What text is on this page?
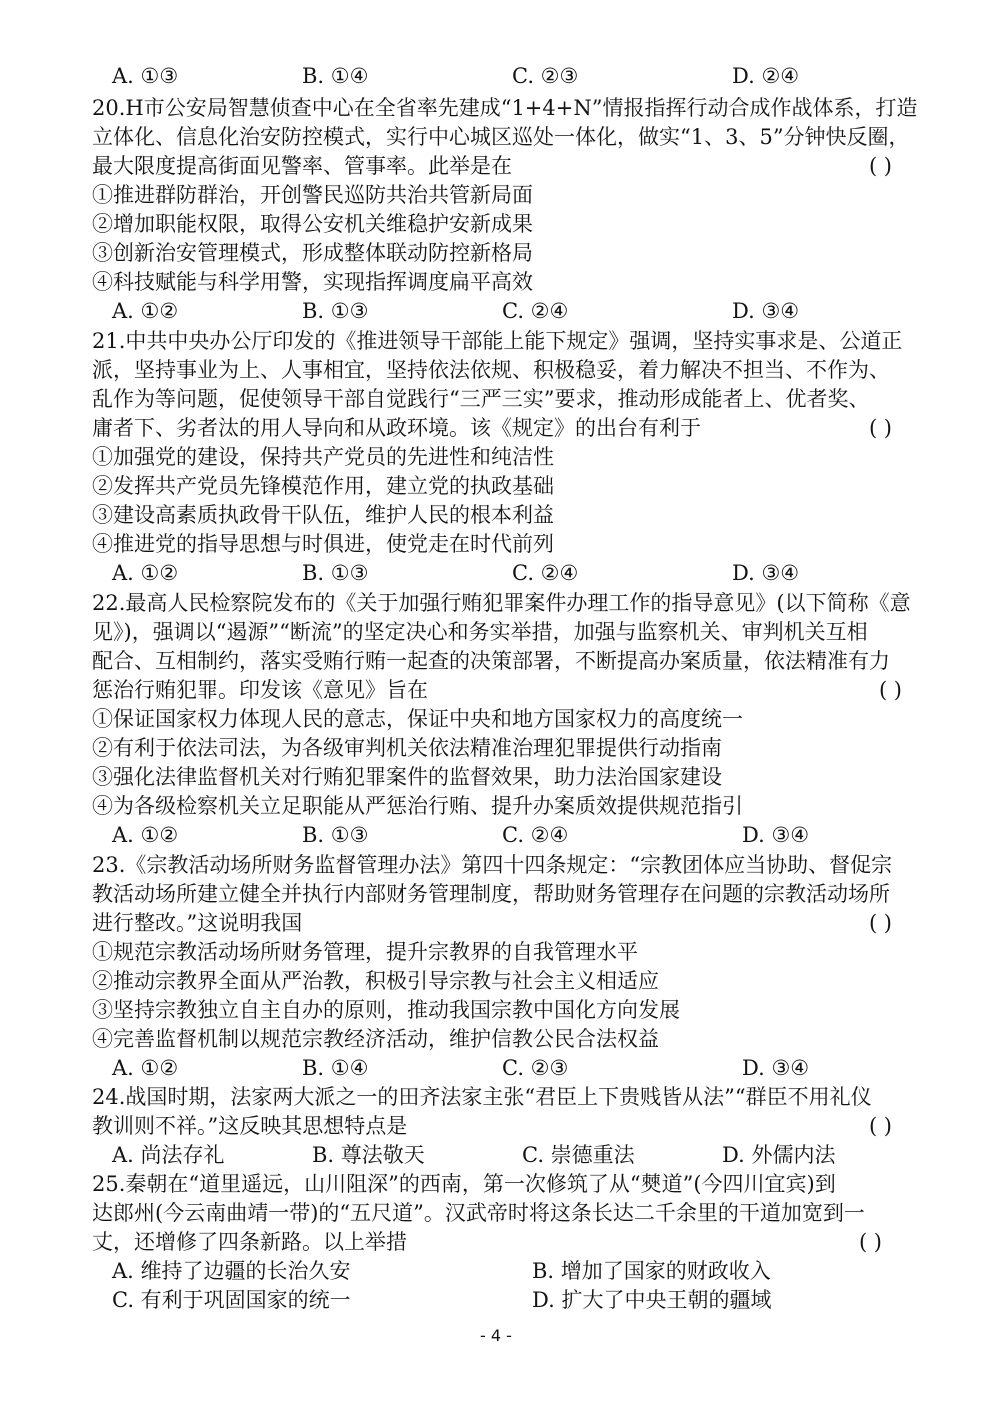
A. ①③	B. ①④	C. ②③	D. ②④
20.H市公安局智慧侦查中心在全省率先建成“1+4+N”情报指挥行动合成作战体系，打造
立体化、信息化治安防控模式，实行中心城区巡处一体化，做实“1、3、5”分钟快反圈，
最大限度提高街面见警率、管事率。此举是在	( )
①推进群防群治，开创警民巡防共治共管新局面
②增加职能权限，取得公安机关维稳护安新成果
③创新治安管理模式，形成整体联动防控新格局
④科技赋能与科学用警，实现指挥调度扁平高效
A. ①②	B. ①③	C. ②④	D. ③④
21.中共中央办公厅印发的《推进领导干部能上能下规定》强调，坚持实事求是、公道正
派，坚持事业为上、人事相宜，坚持依法依规、积极稳妥，着力解决不担当、不作为、
乱作为等问题，促使领导干部自觉践行“三严三实”要求，推动形成能者上、优者奖、
庸者下、劣者汰的用人导向和从政环境。该《规定》的出台有利于	( )
①加强党的建设，保持共产党员的先进性和纯洁性
②发挥共产党员先锋模范作用，建立党的执政基础
③建设高素质执政骨干队伍，维护人民的根本利益
④推进党的指导思想与时俱进，使党走在时代前列
A. ①②	B. ①③	C. ②④	D. ③④
22.最高人民检察院发布的《关于加强行贿犯罪案件办理工作的指导意见》(以下简称《意
见》)，强调以“遏源”“断流”的坚定决心和务实举措，加强与监察机关、审判机关互相
配合、互相制约，落实受贿行贿一起查的决策部署，不断提高办案质量，依法精准有力
惩治行贿犯罪。印发该《意见》旨在	( )
①保证国家权力体现人民的意志，保证中央和地方国家权力的高度统一
②有利于依法司法，为各级审判机关依法精准治理犯罪提供行动指南
③强化法律监督机关对行贿犯罪案件的监督效果，助力法治国家建设
④为各级检察机关立足职能从严惩治行贿、提升办案质效提供规范指引
A. ①②	B. ①③	C. ②④	D. ③④
23.《宗教活动场所财务监督管理办法》第四十四条规定：“宗教团体应当协助、督促宗
教活动场所建立健全并执行内部财务管理制度，帮助财务管理存在问题的宗教活动场所
进行整改。”这说明我国	( )
①规范宗教活动场所财务管理，提升宗教界的自我管理水平
②推动宗教界全面从严治教，积极引导宗教与社会主义相适应
③坚持宗教独立自主自办的原则，推动我国宗教中国化方向发展
④完善监督机制以规范宗教经济活动，维护信教公民合法权益
A. ①②	B. ①④	C. ②③	D. ③④
24.战国时期，法家两大派之一的田齐法家主张“君臣上下贵贱皆从法”“群臣不用礼仪
教训则不祥。”这反映其思想特点是	( )
A. 尚法存礼	B. 尊法敬天	C. 崇德重法	D. 外儒内法
25.秦朝在“道里遥远，山川阻深”的西南，第一次修筑了从“僰道”(今四川宜宾)到
达郎州(今云南曲靖一带)的“五尺道”。汉武帝时将这条长达二千余里的干道加宽到一
丈，还增修了四条新路。以上举措	( )
A. 维持了边疆的长治久安	B. 增加了国家的财政收入
C. 有利于巩固国家的统一	D. 扩大了中央王朝的疆域
- 4 -
